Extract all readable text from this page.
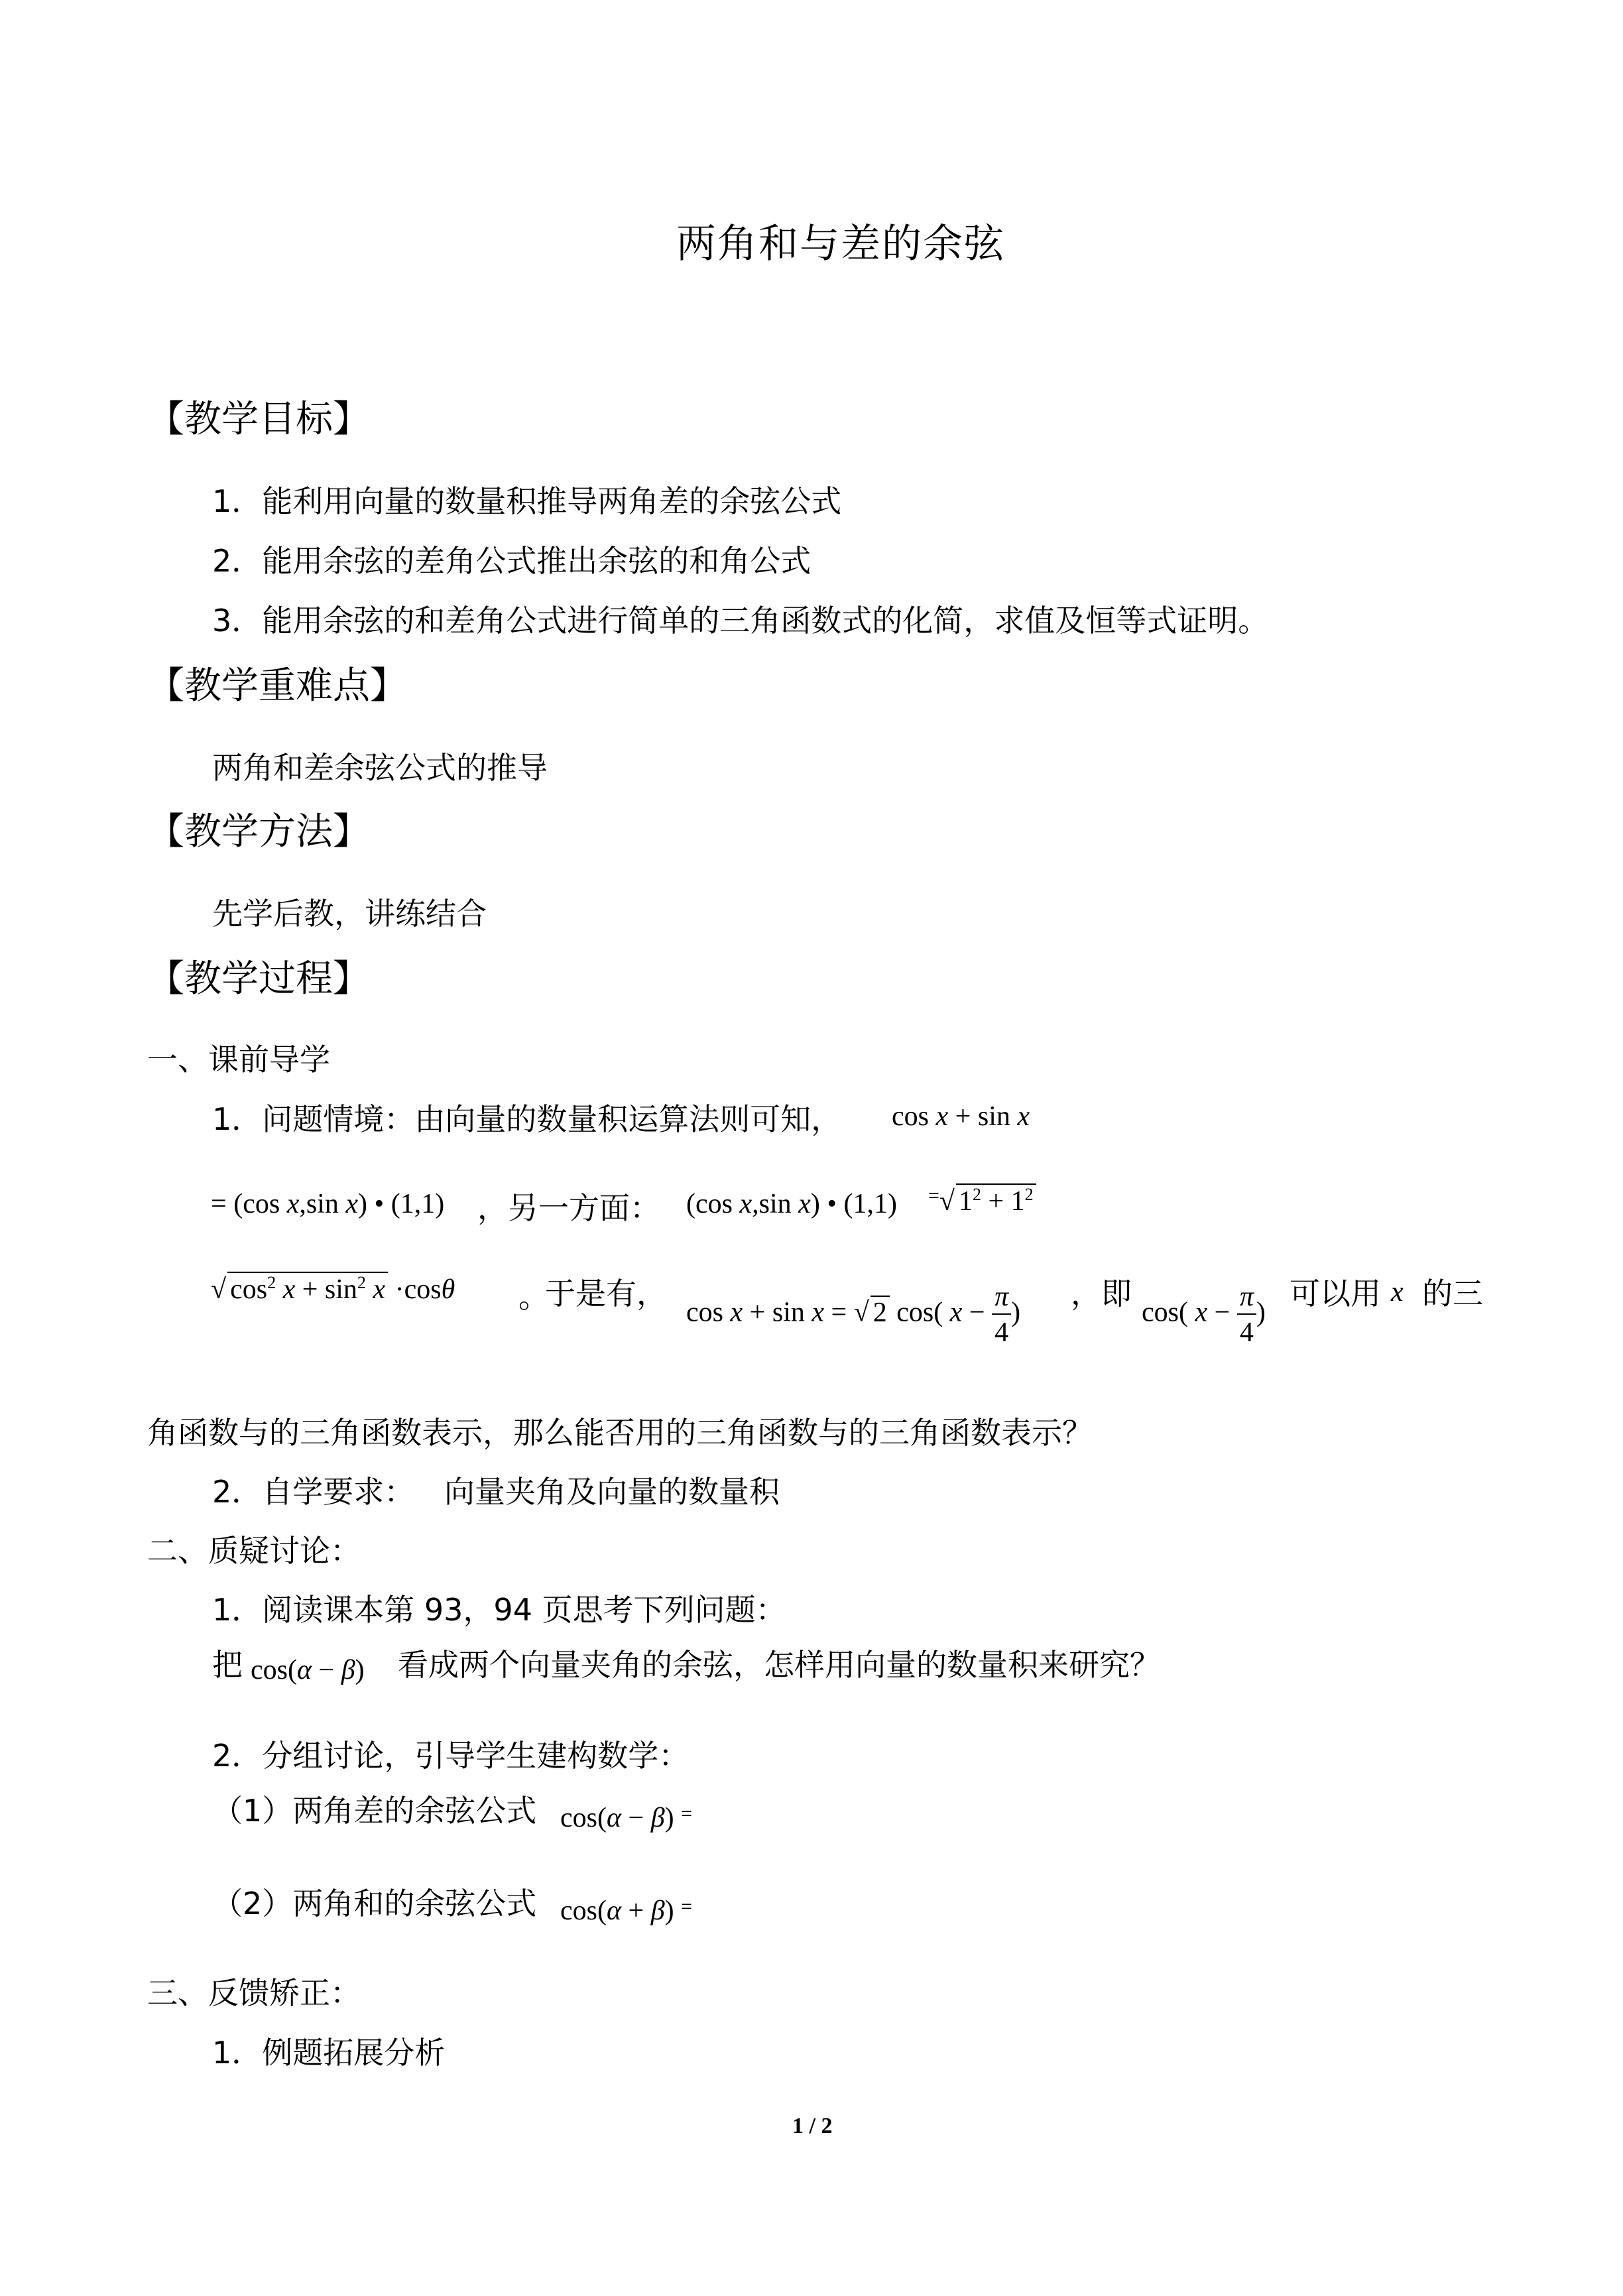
两角和与差的余弦
【教学目标】
1．能利用向量的数量积推导两角差的余弦公式
2．能用余弦的差角公式推出余弦的和角公式
3．能用余弦的和差角公式进行简单的三角函数式的化简，求值及恒等式证明。
【教学重难点】
两角和差余弦公式的推导
【教学方法】
先学后教，讲练结合
【教学过程】
一、课前导学
1．问题情境：由向量的数量积运算法则可知， cos x + sin x
= (cos x,sin x) • (1,1) ，另一方面： (cos x,sin x) • (1,1) =√ $1^2 + 1^2$
√ $\cos^2 x + \sin^2 x \cdot\cos\theta$ 。
于是有，
cos x + sin x = √ 2 cos( $x - \frac{\pi}{4}$ )
，即
cos( $x - \frac{\pi}{4}$ )
可以用 x 的三
角函数与的三角函数表示，那么能否用的三角函数与的三角函数表示？
2．自学要求： 向量夹角及向量的数量积
二、质疑讨论：
1．阅读课本第 93，94 页思考下列问题：
把 cos(α − β) 看成两个向量夹角的余弦，怎样用向量的数量积来研究？
2．分组讨论，引导学生建构数学：
（1）两角差的余弦公式 cos(α − β) =
（2）两角和的余弦公式 cos(α + β) =
三、反馈矫正：
1．例题拓展分析
1 / 2
